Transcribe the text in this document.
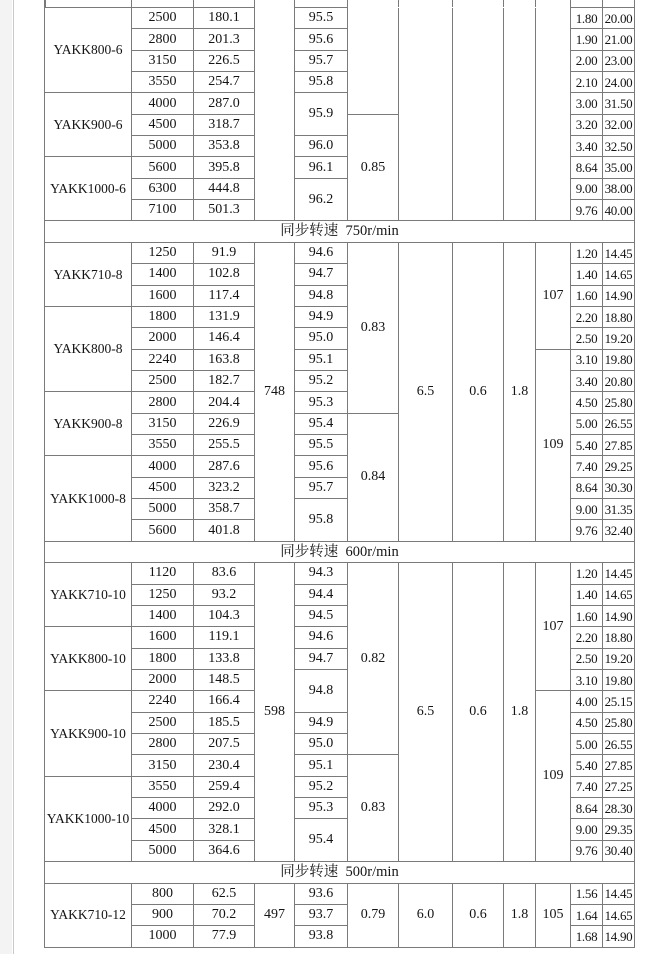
YAKK800-6	2500	180.1		95.5						1.80	20.00
	2800	201.3		95.6						1.90	21.00
	3150	226.5		95.7						2.00	23.00
	3550	254.7		95.8						2.10	24.00
YAKK900-6	4000	287.0		95.9						3.00	31.50
	4500	318.7			0.85					3.20	32.00
	5000	353.8		96.0						3.40	32.50
YAKK1000-6	5600	395.8		96.1						8.64	35.00
	6300	444.8		96.2						9.00	38.00
	7100	501.3								9.76	40.00
同步转速  750r/min											
YAKK710-8	1250	91.9	748	94.6	0.83	6.5	0.6	1.8	107	1.20	14.45
	1400	102.8		94.7						1.40	14.65
	1600	117.4		94.8						1.60	14.90
YAKK800-8	1800	131.9		94.9						2.20	18.80
	2000	146.4		95.0						2.50	19.20
	2240	163.8		95.1					109	3.10	19.80
	2500	182.7		95.2						3.40	20.80
YAKK900-8	2800	204.4		95.3						4.50	25.80
	3150	226.9		95.4	0.84					5.00	26.55
	3550	255.5		95.5						5.40	27.85
YAKK1000-8	4000	287.6		95.6						7.40	29.25
	4500	323.2		95.7						8.64	30.30
	5000	358.7		95.8						9.00	31.35
	5600	401.8								9.76	32.40
同步转速  600r/min											
YAKK710-10	1120	83.6	598	94.3	0.82	6.5	0.6	1.8	107	1.20	14.45
	1250	93.2		94.4						1.40	14.65
	1400	104.3		94.5						1.60	14.90
YAKK800-10	1600	119.1		94.6						2.20	18.80
	1800	133.8		94.7						2.50	19.20
	2000	148.5		94.8						3.10	19.80
YAKK900-10	2240	166.4							109	4.00	25.15
	2500	185.5		94.9						4.50	25.80
	2800	207.5		95.0						5.00	26.55
	3150	230.4		95.1	0.83					5.40	27.85
YAKK1000-10	3550	259.4		95.2						7.40	27.25
	4000	292.0		95.3						8.64	28.30
	4500	328.1		95.4						9.00	29.35
	5000	364.6								9.76	30.40
同步转速  500r/min											
YAKK710-12	800	62.5	497	93.6	0.79	6.0	0.6	1.8	105	1.56	14.45
	900	70.2		93.7						1.64	14.65
	1000	77.9		93.8						1.68	14.90
